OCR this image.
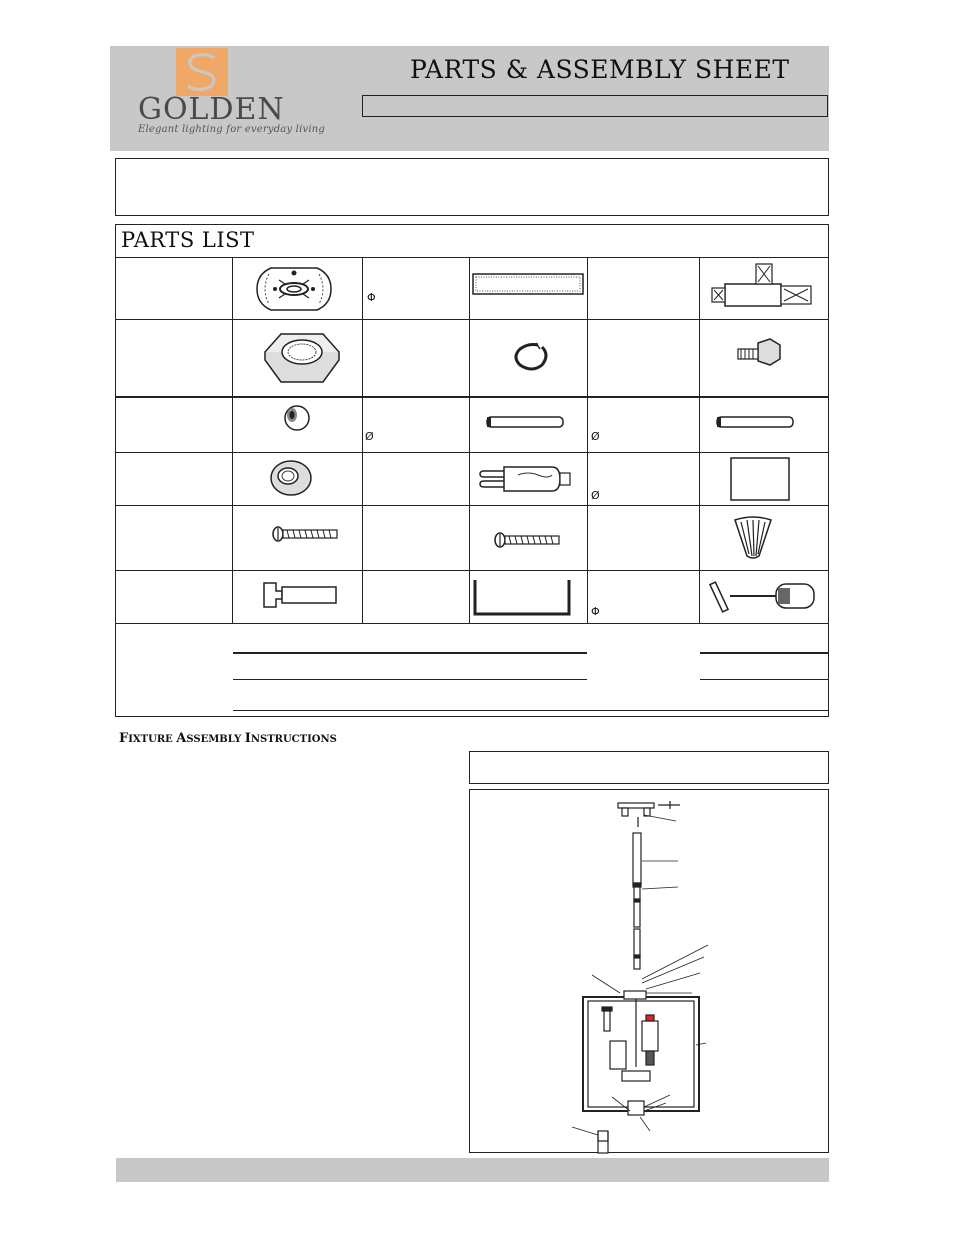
GOLDEN
Elegant lighting for everyday living
PARTS & ASSEMBLY SHEET
PARTS LIST
Φ
Ø	Ø
Ø
Φ
FIXTURE ASSEMBLY INSTRUCTIONS
